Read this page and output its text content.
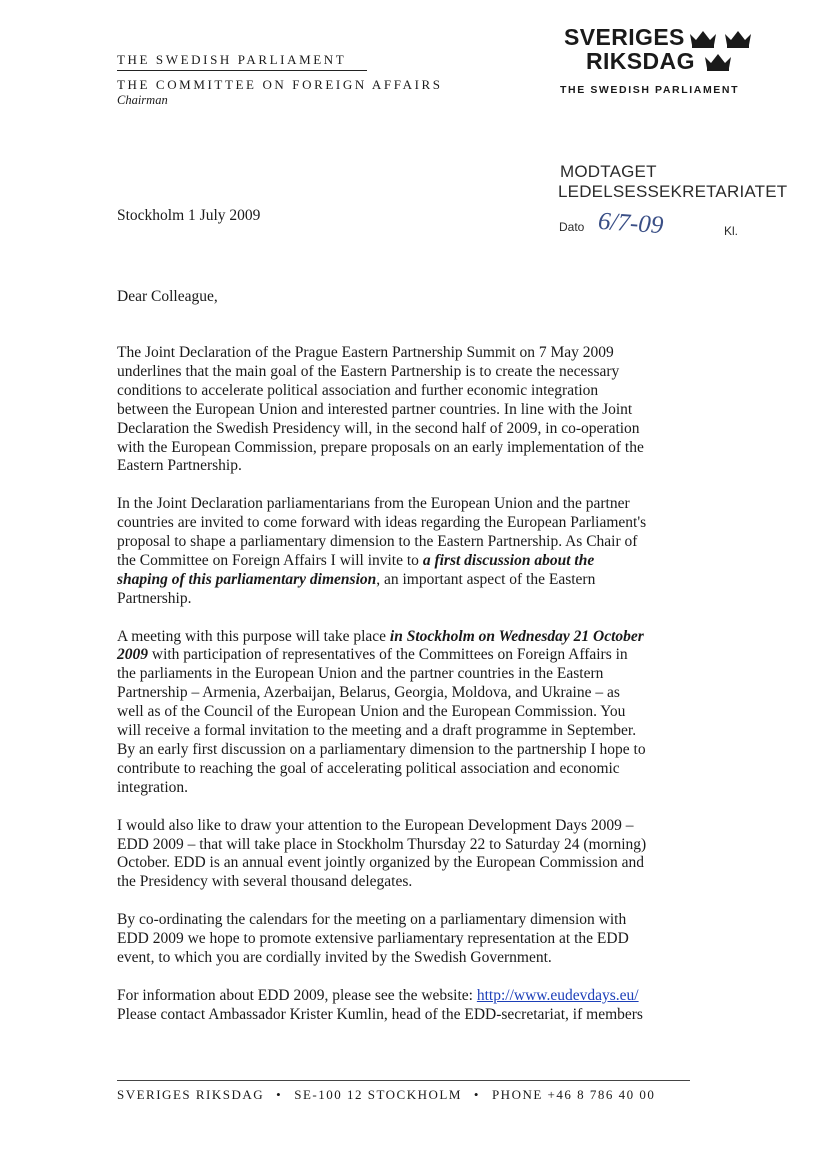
THE SWEDISH PARLIAMENT
THE COMMITTEE ON FOREIGN AFFAIRS
Chairman
SVERIGES
RIKSDAG
THE SWEDISH PARLIAMENT
MODTAGET
LEDELSESSEKRETARIATET
Dato 6/7-09	Kl.
Stockholm 1 July 2009
Dear Colleague,

The Joint Declaration of the Prague Eastern Partnership Summit on 7 May 2009
underlines that the main goal of the Eastern Partnership is to create the necessary
conditions to accelerate political association and further economic integration
between the European Union and interested partner countries. In line with the Joint
Declaration the Swedish Presidency will, in the second half of 2009, in co-operation
with the European Commission, prepare proposals on an early implementation of the
Eastern Partnership.

In the Joint Declaration parliamentarians from the European Union and the partner
countries are invited to come forward with ideas regarding the European Parliament's
proposal to shape a parliamentary dimension to the Eastern Partnership. As Chair of
the Committee on Foreign Affairs I will invite to a first discussion about the
shaping of this parliamentary dimension, an important aspect of the Eastern
Partnership.

A meeting with this purpose will take place in Stockholm on Wednesday 21 October
2009 with participation of representatives of the Committees on Foreign Affairs in
the parliaments in the European Union and the partner countries in the Eastern
Partnership – Armenia, Azerbaijan, Belarus, Georgia, Moldova, and Ukraine – as
well as of the Council of the European Union and the European Commission. You
will receive a formal invitation to the meeting and a draft programme in September.
By an early first discussion on a parliamentary dimension to the partnership I hope to
contribute to reaching the goal of accelerating political association and economic
integration.

I would also like to draw your attention to the European Development Days 2009 –
EDD 2009 – that will take place in Stockholm Thursday 22 to Saturday 24 (morning)
October. EDD is an annual event jointly organized by the European Commission and
the Presidency with several thousand delegates.

By co-ordinating the calendars for the meeting on a parliamentary dimension with
EDD 2009 we hope to promote extensive parliamentary representation at the EDD
event, to which you are cordially invited by the Swedish Government.

For information about EDD 2009, please see the website: http://www.eudevdays.eu/
Please contact Ambassador Krister Kumlin, head of the EDD-secretariat, if members

SVERIGES RIKSDAG • SE-100 12 STOCKHOLM • PHONE +46 8 786 40 00
